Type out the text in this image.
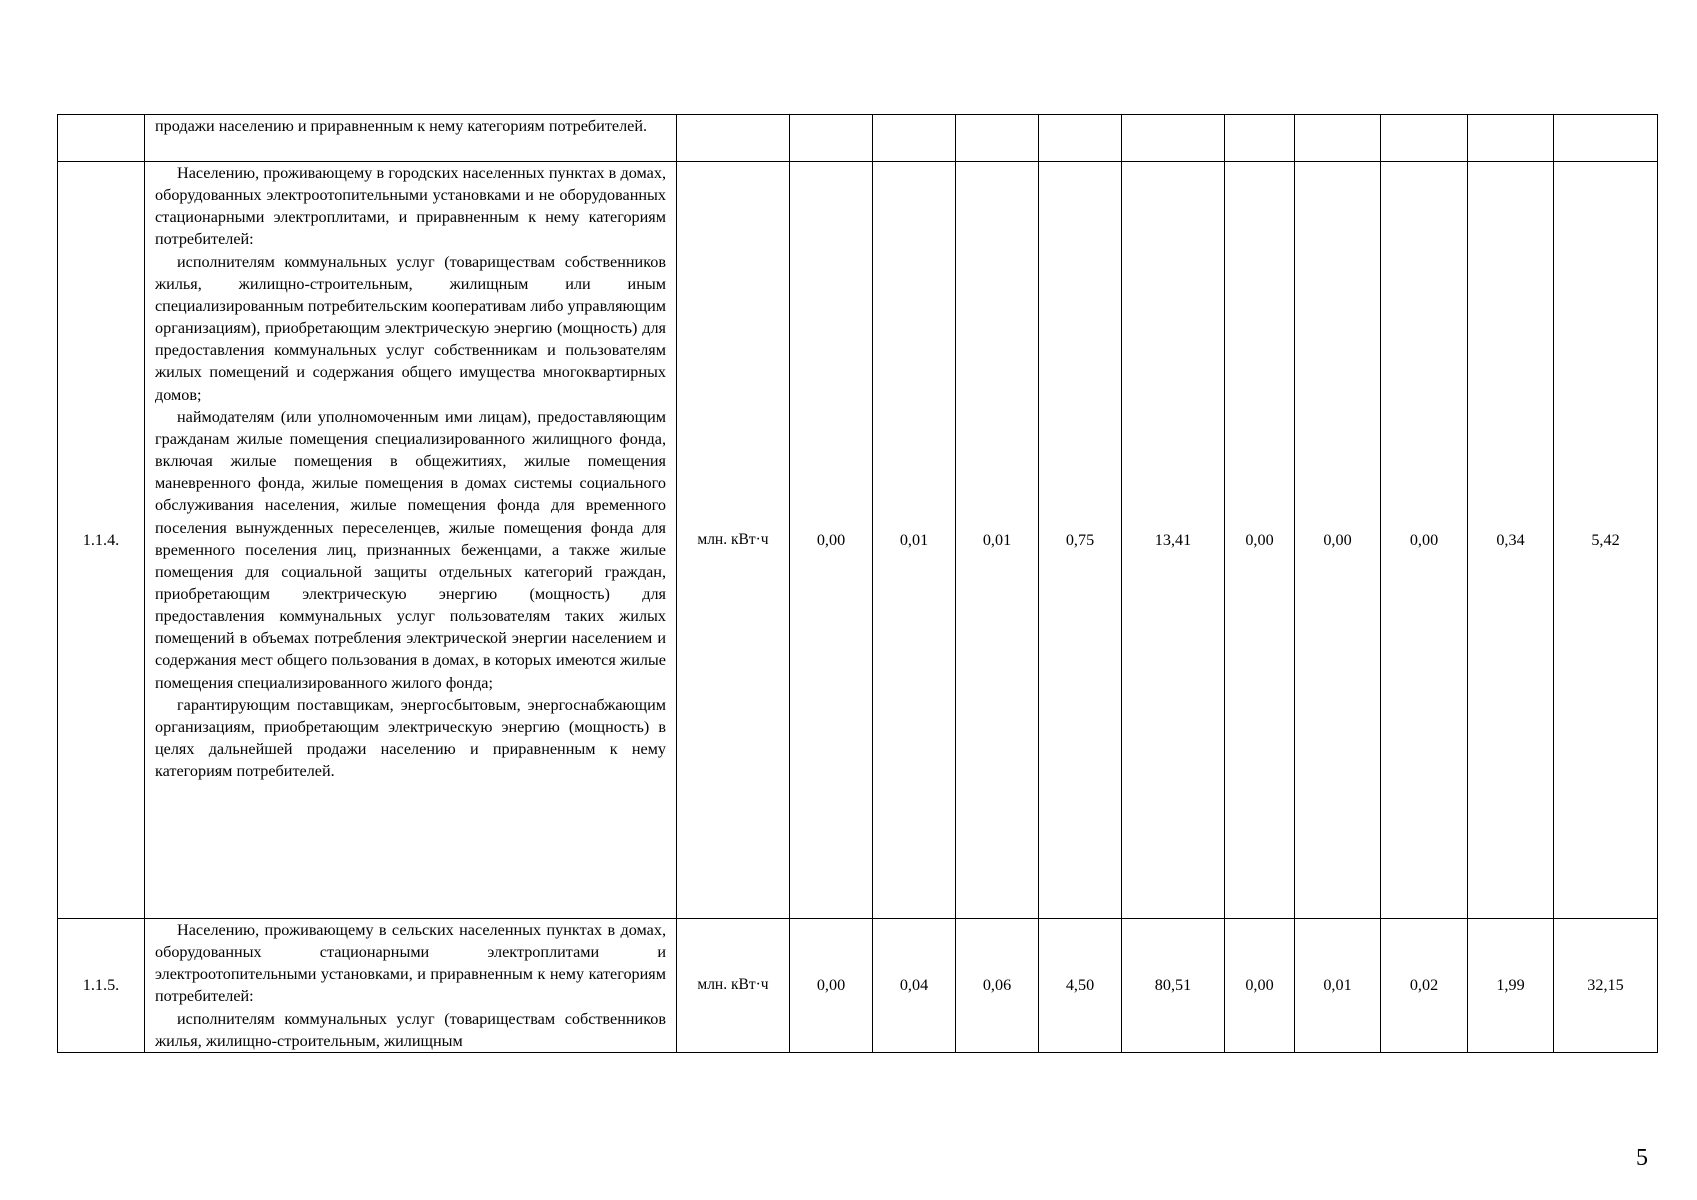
	продажи населению и приравненным к нему категориям потребителей.											

1.1.4.	Населению, проживающему в городских населенных пунктах в домах, оборудованных электроотопительными установками и не оборудованных стационарными электроплитами, и приравненным к нему категориям потребителей:

исполнителям коммунальных услуг (товариществам собственников жилья, жилищно-строительным, жилищным или иным специализированным потребительским кооперативам либо управляющим организациям), приобретающим электрическую энергию (мощность) для предоставления коммунальных услуг собственникам и пользователям жилых помещений и содержания общего имущества многоквартирных домов;

наймодателям (или уполномоченным ими лицам), предоставляющим гражданам жилые помещения специализированного жилищного фонда, включая жилые помещения в общежитиях, жилые помещения маневренного фонда, жилые помещения в домах системы социального обслуживания населения, жилые помещения фонда для временного поселения вынужденных переселенцев, жилые помещения фонда для временного поселения лиц, признанных беженцами, а также жилые помещения для социальной защиты отдельных категорий граждан, приобретающим электрическую энергию (мощность) для предоставления коммунальных услуг пользователям таких жилых помещений в объемах потребления электрической энергии населением и содержания мест общего пользования в домах, в которых имеются жилые помещения специализированного жилого фонда;

гарантирующим поставщикам, энергосбытовым, энергоснабжающим организациям, приобретающим электрическую энергию (мощность) в целях дальнейшей продажи населению и приравненным к нему категориям потребителей.	млн. кВт·ч	0,00	0,01	0,01	0,75	13,41	0,00	0,00	0,00	0,34	5,42
1.1.5.	Населению, проживающему в сельских населенных пунктах в домах, оборудованных стационарными электроплитами и электроотопительными установками, и приравненным к нему категориям потребителей:

исполнителям коммунальных услуг (товариществам собственников жилья, жилищно-строительным, жилищным	млн. кВт·ч	0,00	0,04	0,06	4,50	80,51	0,00	0,01	0,02	1,99	32,15
5
